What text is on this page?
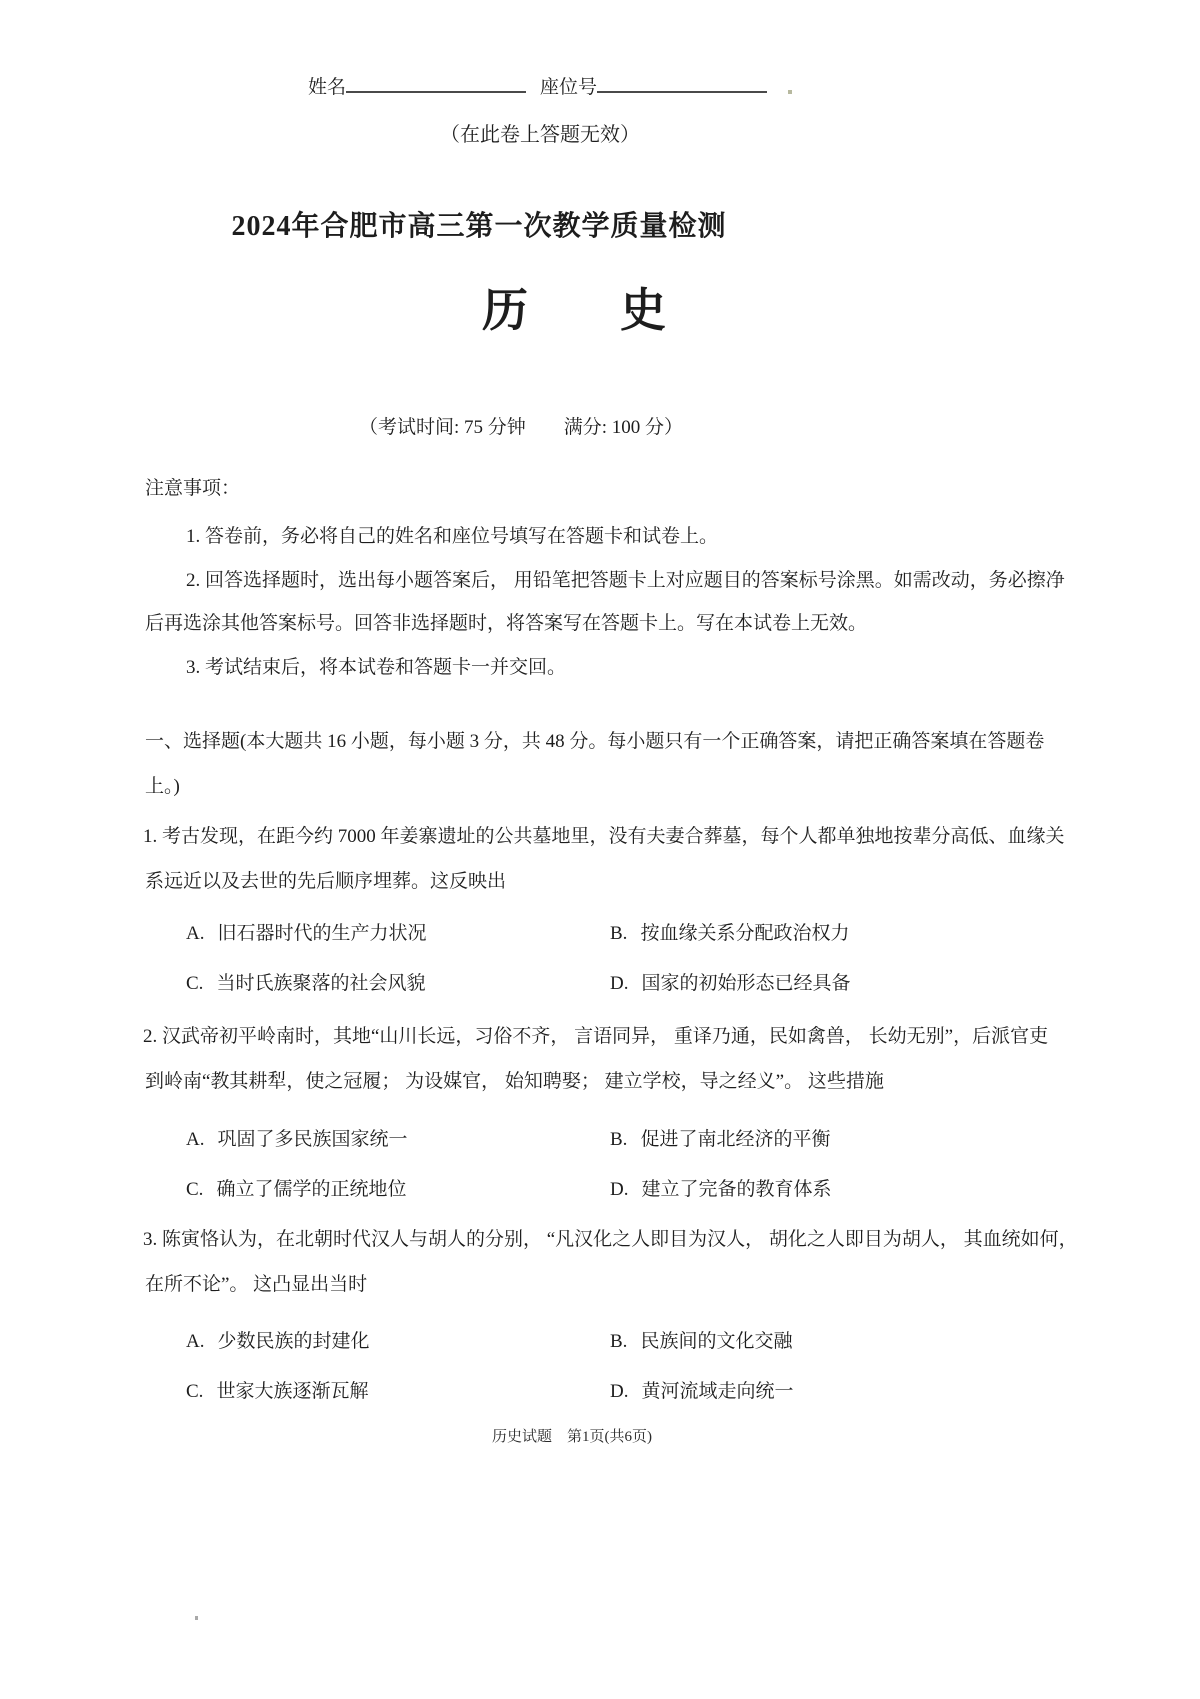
姓名	座位号
（在此卷上答题无效）
2024年合肥市高三第一次教学质量检测
历　　史
（考试时间: 75 分钟　　满分: 100 分）
注意事项：
1. 答卷前，务必将自己的姓名和座位号填写在答题卡和试卷上。
2. 回答选择题时，选出每小题答案后， 用铅笔把答题卡上对应题目的答案标号涂黑。如需改动，务必擦净
后再选涂其他答案标号。回答非选择题时，将答案写在答题卡上。写在本试卷上无效。
3. 考试结束后，将本试卷和答题卡一并交回。
一、选择题(本大题共 16 小题，每小题 3 分，共 48 分。每小题只有一个正确答案，请把正确答案填在答题卷
上。)
1. 考古发现，在距今约 7000 年姜寨遗址的公共墓地里，没有夫妻合葬墓，每个人都单独地按辈分高低、血缘关
系远近以及去世的先后顺序埋葬。这反映出
A. 旧石器时代的生产力状况	B. 按血缘关系分配政治权力
C. 当时氏族聚落的社会风貌	D. 国家的初始形态已经具备
2. 汉武帝初平岭南时，其地“山川长远，习俗不齐， 言语同异， 重译乃通，民如禽兽， 长幼无别”，后派官吏
到岭南“教其耕犁，使之冠履； 为设媒官， 始知聘娶； 建立学校，导之经义”。 这些措施
A. 巩固了多民族国家统一	B. 促进了南北经济的平衡
C. 确立了儒学的正统地位	D. 建立了完备的教育体系
3. 陈寅恪认为，在北朝时代汉人与胡人的分别， “凡汉化之人即目为汉人， 胡化之人即目为胡人， 其血统如何，
在所不论”。 这凸显出当时
A. 少数民族的封建化	B. 民族间的文化交融
C. 世家大族逐渐瓦解	D. 黄河流域走向统一
历史试题　第1页(共6页)
